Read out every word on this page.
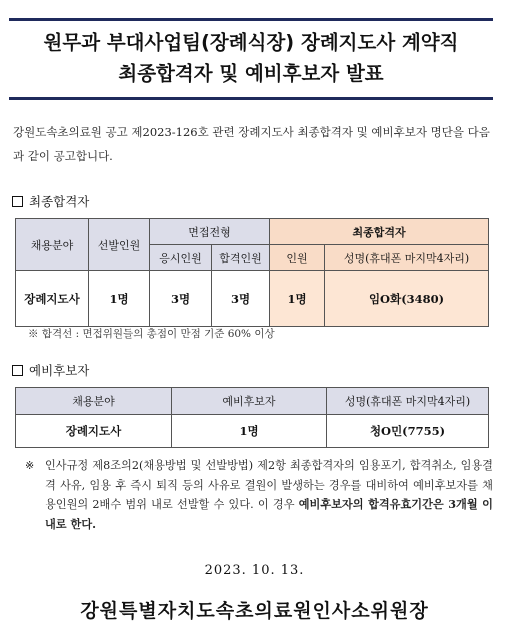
원무과 부대사업팀(장례식장) 장례지도사 계약직
최종합격자 및 예비후보자 발표
강원도속초의료원 공고 제2023-126호 관련 장례지도사 최종합격자 및 예비후보자 명단을 다음과 같이 공고합니다.
최종합격자
채용분야	선발인원	면접전형		최종합격자	
		응시인원	합격인원	인원	성명(휴대폰 마지막4자리)
장례지도사	1명	3명	3명	1명	임O화(3480)
※ 합격선 : 면접위원들의 총점이 만점 기준 60% 이상
예비후보자
채용분야	예비후보자	성명(휴대폰 마지막4자리)
장례지도사	1명	청O민(7755)
※ 인사규정 제8조의2(채용방법 및 선발방법) 제2항 최종합격자의 임용포기, 합격취소, 임용결격 사유, 임용 후 즉시 퇴직 등의 사유로 결원이 발생하는 경우를 대비하여 예비후보자를 채용인원의 2배수 범위 내로 선발할 수 있다. 이 경우 예비후보자의 합격유효기간은 3개월 이내로 한다.
2023. 10. 13.
강원특별자치도속초의료원인사소위원장
